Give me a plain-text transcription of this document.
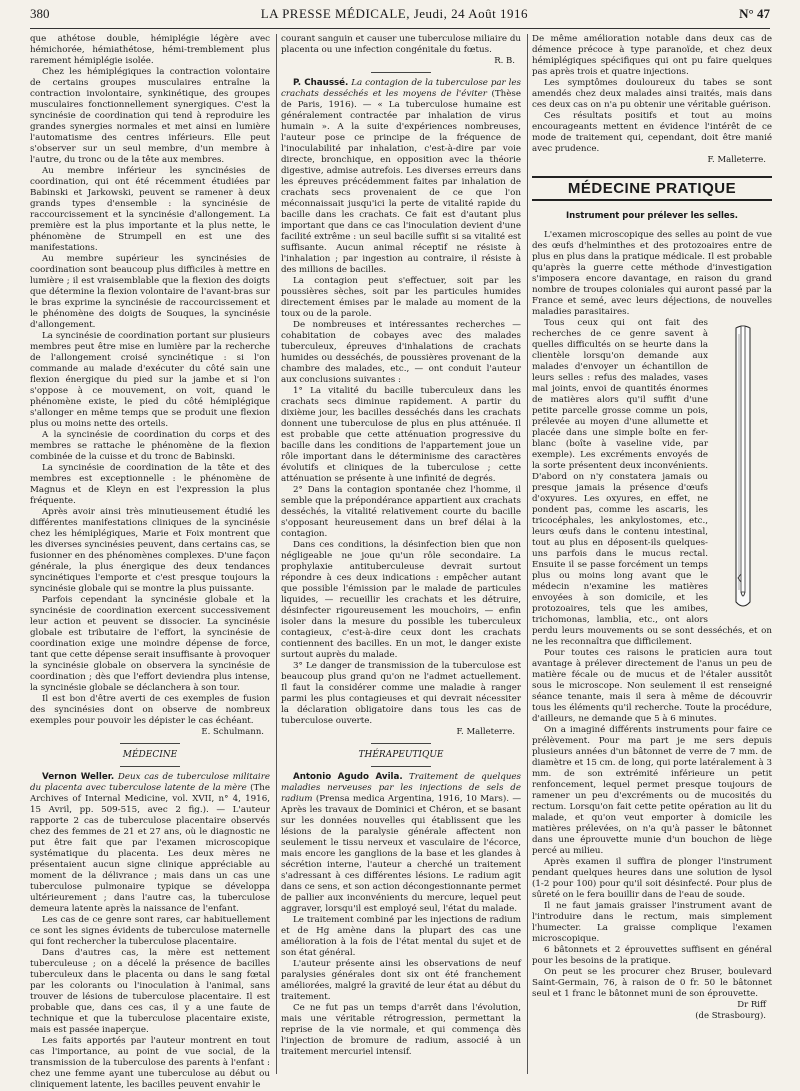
380	LA PRESSE MÉDICALE, Jeudi, 24 Août 1916	N° 47

que athétose double, hémiplégie légère avec hémichorée, hémiathétose, hémi-tremblement plus rarement hémiplégie isolée.

Chez les hémiplégiques la contraction volontaire de certains groupes musculaires entraîne la contraction involontaire, synkinétique, des groupes musculaires fonctionnellement synergiques. C'est la syncinésie de coordination qui tend à reproduire les grandes synergies normales et met ainsi en lumière l'automatisme des centres inférieurs. Elle peut s'observer sur un seul membre, d'un membre à l'autre, du tronc ou de la tête aux membres.

Au membre inférieur les syncinésies de coordination, qui ont été récemment étudiées par Babinski et Jarkowski, peuvent se ramener à deux grands types d'ensemble : la syncinésie de raccourcissement et la syncinésie d'allongement. La première est la plus importante et la plus nette, le phénomène de Strumpell en est une des manifestations.

Au membre supérieur les syncinésies de coordination sont beaucoup plus difficiles à mettre en lumière ; il est vraisemblable que la flexion des doigts que détermine la flexion volontaire de l'avant-bras sur le bras exprime la syncinésie de raccourcissement et le phénomène des doigts de Souques, la syncinésie d'allongement.

La syncinésie de coordination portant sur plusieurs membres peut être mise en lumière par la recherche de l'allongement croisé syncinétique : si l'on commande au malade d'exécuter du côté sain une flexion énergique du pied sur la jambe et si l'on s'oppose à ce mouvement, on voit, quand le phénomène existe, le pied du côté hémiplégique s'allonger en même temps que se produit une flexion plus ou moins nette des orteils.

A la syncinésie de coordination du corps et des membres se rattache le phénomène de la flexion combinée de la cuisse et du tronc de Babinski.

La syncinésie de coordination de la tête et des membres est exceptionnelle : le phénomène de Magnus et de Kleyn en est l'expression la plus fréquente.

Après avoir ainsi très minutieusement étudié les différentes manifestations cliniques de la syncinésie chez les hémiplégiques, Marie et Foix montrent que les diverses syncinésies peuvent, dans certains cas, se fusionner en des phénomènes complexes. D'une façon générale, la plus énergique des deux tendances syncinétiques l'emporte et c'est presque toujours la syncinésie globale qui se montre la plus puissante.

Parfois cependant la syncinésie globale et la syncinésie de coordination exercent successivement leur action et peuvent se dissocier. La syncinésie globale est tributaire de l'effort, la syncinésie de coordination exige une moindre dépense de force, tant que cette dépense serait insuffisante à provoquer la syncinésie globale on observera la syncinésie de coordination ; dès que l'effort deviendra plus intense, la syncinésie globale se déclanchera à son tour.

Il est bon d'être averti de ces exemples de fusion des syncinésies dont on observe de nombreux exemples pour pouvoir les dépister le cas échéant.

E. Schulmann.

MÉDECINE

Vernon Weller. Deux cas de tuberculose militaire du placenta avec tuberculose latente de la mère (The Archives of Internal Medicine, vol. XVII, n° 4, 1916, 15 Avril, pp. 509-515, avec 2 fig.). — L'auteur rapporte 2 cas de tuberculose placentaire observés chez des femmes de 21 et 27 ans, où le diagnostic ne put être fait que par l'examen microscopique systématique du placenta. Les deux mères ne présentaient aucun signe clinique appréciable au moment de la délivrance ; mais dans un cas une tuberculose pulmonaire typique se développa ultérieurement ; dans l'autre cas, la tuberculose demeura latente après la naissance de l'enfant.

Les cas de ce genre sont rares, car habituellement ce sont les signes évidents de tuberculose maternelle qui font rechercher la tuberculose placentaire.

Dans d'autres cas, la mère est nettement tuberculeuse ; on a décelé la présence de bacilles tuberculeux dans le placenta ou dans le sang fœtal par les colorants ou l'inoculation à l'animal, sans trouver de lésions de tuberculose placentaire. Il est probable que, dans ces cas, il y a une faute de technique et que la tuberculose placentaire existe, mais est passée inaperçue.

Les faits apportés par l'auteur montrent en tout cas l'importance, au point de vue social, de la transmission de la tuberculose des parents à l'enfant : chez une femme ayant une tuberculose au début ou cliniquement latente, les bacilles peuvent envahir le

courant sanguin et causer une tuberculose miliaire du placenta ou une infection congénitale du fœtus.

R. B.

P. Chaussé. La contagion de la tuberculose par les crachats desséchés et les moyens de l'éviter (Thèse de Paris, 1916). — « La tuberculose humaine est généralement contractée par inhalation de virus humain ». A la suite d'expériences nombreuses, l'auteur pose ce principe de la fréquence de l'inoculabilité par inhalation, c'est-à-dire par voie directe, bronchique, en opposition avec la théorie digestive, admise autrefois. Les diverses erreurs dans les épreuves précédemment faites par inhalation de crachats secs provenaient de ce que l'on méconnaissait jusqu'ici la perte de vitalité rapide du bacille dans les crachats. Ce fait est d'autant plus important que dans ce cas l'inoculation devient d'une facilité extrême : un seul bacille suffit si sa vitalité est suffisante. Aucun animal réceptif ne résiste à l'inhalation ; par ingestion au contraire, il résiste à des millions de bacilles.

La contagion peut s'effectuer, soit par les poussières sèches, soit par les particules humides directement émises par le malade au moment de la toux ou de la parole.

De nombreuses et intéressantes recherches — cohabitation de cobayes avec des malades tuberculeux, épreuves d'inhalations de crachats humides ou desséchés, de poussières provenant de la chambre des malades, etc., — ont conduit l'auteur aux conclusions suivantes :

1° La vitalité du bacille tuberculeux dans les crachats secs diminue rapidement. A partir du dixième jour, les bacilles desséchés dans les crachats donnent une tuberculose de plus en plus atténuée. Il est probable que cette atténuation progressive du bacille dans les conditions de l'appartement joue un rôle important dans le déterminisme des caractères évolutifs et cliniques de la tuberculose ; cette atténuation se présente à une infinité de degrés.

2° Dans la contagion spontanée chez l'homme, il semble que la prépondérance appartient aux crachats desséchés, la vitalité relativement courte du bacille s'opposant heureusement dans un bref délai à la contagion.

Dans ces conditions, la désinfection bien que non négligeable ne joue qu'un rôle secondaire. La prophylaxie antituberculeuse devrait surtout répondre à ces deux indications : empêcher autant que possible l'émission par le malade de particules liquides, — recueillir les crachats et les détruire, désinfecter rigoureusement les mouchoirs, — enfin isoler dans la mesure du possible les tuberculeux contagieux, c'est-à-dire ceux dont les crachats contiennent des bacilles. En un mot, le danger existe surtout auprès du malade.

3° Le danger de transmission de la tuberculose est beaucoup plus grand qu'on ne l'admet actuellement. Il faut la considérer comme une maladie à ranger parmi les plus contagieuses et qui devrait nécessiter la déclaration obligatoire dans tous les cas de tuberculose ouverte.

F. Malleterre.

THÉRAPEUTIQUE

Antonio Agudo Avila. Traitement de quelques maladies nerveuses par les injections de sels de radium (Prensa medica Argentina, 1916, 10 Mars). — Après les travaux de Dominici et Chéron, et se basant sur les données nouvelles qui établissent que les lésions de la paralysie générale affectent non seulement le tissu nerveux et vasculaire de l'écorce, mais encore les ganglions de la base et les glandes à sécrétion interne, l'auteur a cherché un traitement s'adressant à ces différentes lésions. Le radium agit dans ce sens, et son action décongestionnante permet de pallier aux inconvénients du mercure, lequel peut aggraver, lorsqu'il est employé seul, l'état du malade.

Le traitement combiné par les injections de radium et de Hg amène dans la plupart des cas une amélioration à la fois de l'état mental du sujet et de son état général.

L'auteur présente ainsi les observations de neuf paralysies générales dont six ont été franchement améliorées, malgré la gravité de leur état au début du traitement.

Ce ne fut pas un temps d'arrêt dans l'évolution, mais une véritable rétrogression, permettant la reprise de la vie normale, et qui commença dès l'injection de bromure de radium, associé à un traitement mercuriel intensif.

De même amélioration notable dans deux cas de démence précoce à type paranoïde, et chez deux hémiplégiques spécifiques qui ont pu faire quelques pas après trois et quatre injections.

Les symptômes douloureux du tabes se sont amendés chez deux malades ainsi traités, mais dans ces deux cas on n'a pu obtenir une véritable guérison.

Ces résultats positifs et tout au moins encourageants mettent en évidence l'intérêt de ce mode de traitement qui, cependant, doit être manié avec prudence.

F. Malleterre.

MÉDECINE PRATIQUE
Instrument pour prélever les selles.

L'examen microscopique des selles au point de vue des œufs d'helminthes et des protozoaires entre de plus en plus dans la pratique médicale. Il est probable qu'après la guerre cette méthode d'investigation s'imposera encore davantage, en raison du grand nombre de troupes coloniales qui auront passé par la France et semé, avec leurs déjections, de nouvelles maladies parasitaires.

Tous ceux qui ont fait des recherches de ce genre savent à quelles difficultés on se heurte dans la clientèle lorsqu'on demande aux malades d'envoyer un échantillon de leurs selles : refus des malades, vases mal joints, envoi de quantités énormes de matières alors qu'il suffit d'une petite parcelle grosse comme un pois, prélevée au moyen d'une allumette et placée dans une simple boîte en fer-blanc (boîte à vaseline vide, par exemple). Les excréments envoyés de la sorte présentent deux inconvénients. D'abord on n'y constatera jamais ou presque jamais la présence d'œufs d'oxyures. Les oxyures, en effet, ne pondent pas, comme les ascaris, les tricocéphales, les ankylostomes, etc., leurs œufs dans le contenu intestinal, tout au plus en déposent-ils quelques-uns parfois dans le mucus rectal. Ensuite il se passe forcément un temps plus ou moins long avant que le médecin n'examine les matières envoyées à son domicile, et les protozoaires, tels que les amibes, trichomonas, lamblia, etc., ont alors perdu leurs mouvements ou se sont desséchés, et on ne les reconnaîtra que difficilement.

Pour toutes ces raisons le praticien aura tout avantage à prélever directement de l'anus un peu de matière fécale ou de mucus et de l'étaler aussitôt sous le microscope. Non seulement il est renseigné séance tenante, mais il sera à même de découvrir tous les éléments qu'il recherche. Toute la procédure, d'ailleurs, ne demande que 5 à 6 minutes.

On a imaginé différents instruments pour faire ce prélèvement. Pour ma part je me sers depuis plusieurs années d'un bâtonnet de verre de 7 mm. de diamètre et 15 cm. de long, qui porte latéralement à 3 mm. de son extrémité inférieure un petit renfoncement, lequel permet presque toujours de ramener un peu d'excréments ou de mucosités du rectum. Lorsqu'on fait cette petite opération au lit du malade, et qu'on veut emporter à domicile les matières prélevées, on n'a qu'à passer le bâtonnet dans une éprouvette munie d'un bouchon de liège percé au milieu.

Après examen il suffira de plonger l'instrument pendant quelques heures dans une solution de lysol (1-2 pour 100) pour qu'il soit désinfecté. Pour plus de sûreté on le fera bouillir dans de l'eau de soude.

Il ne faut jamais graisser l'instrument avant de l'introduire dans le rectum, mais simplement l'humecter. La graisse complique l'examen microscopique.

6 bâtonnets et 2 éprouvettes suffisent en général pour les besoins de la pratique.

On peut se les procurer chez Bruser, boulevard Saint-Germain, 76, à raison de 0 fr. 50 le bâtonnet seul et 1 franc le bâtonnet muni de son éprouvette.

Dr Riff

(de Strasbourg).
